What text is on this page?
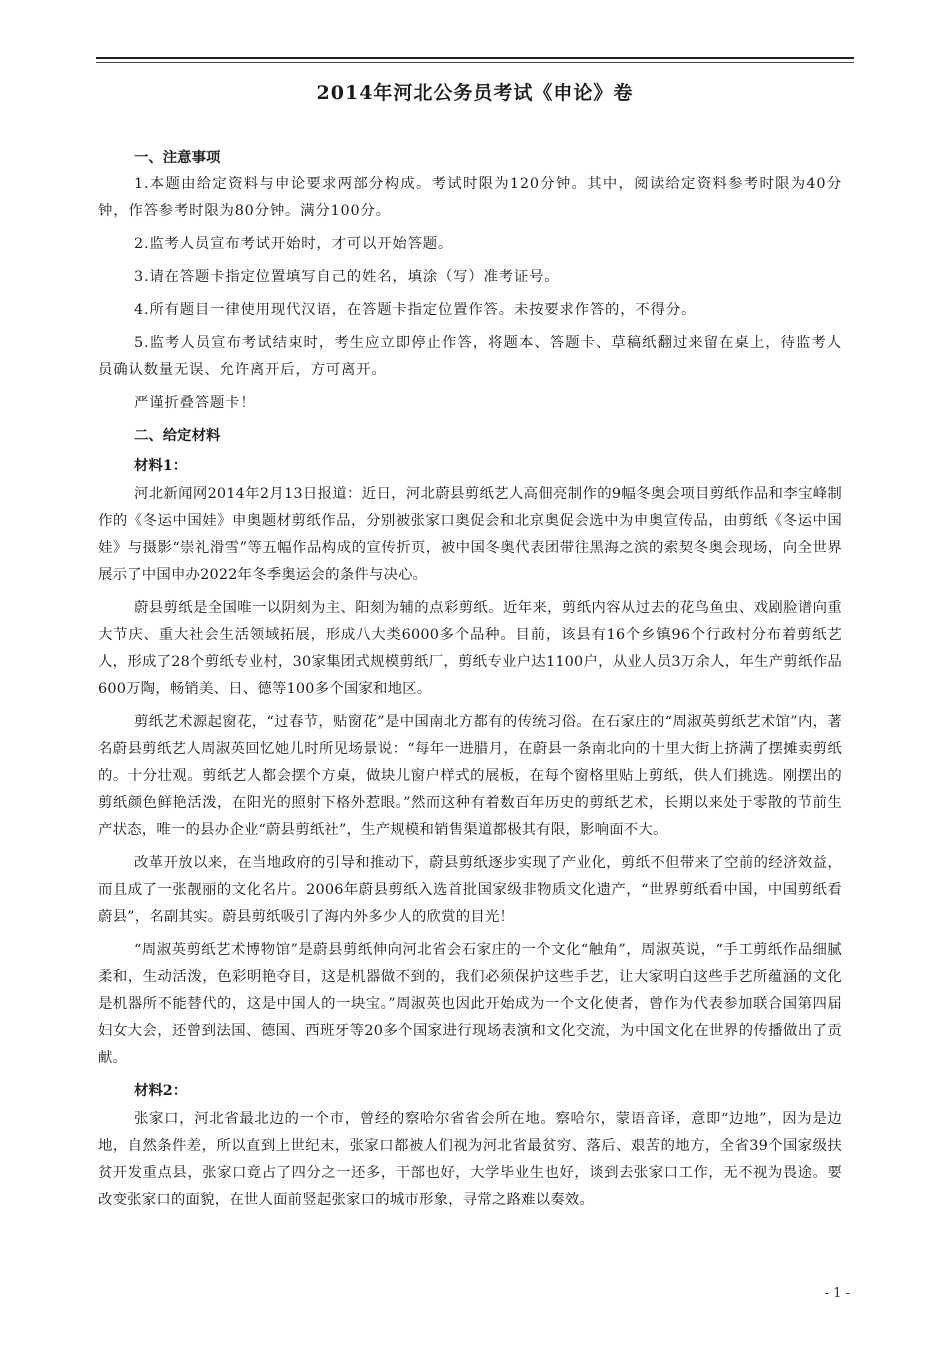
2014年河北公务员考试《申论》卷

一、注意事项

1.本题由给定资料与申论要求两部分构成。考试时限为120分钟。其中，阅读给定资料参考时限为40分钟，作答参考时限为80分钟。满分100分。

2.监考人员宣布考试开始时，才可以开始答题。

3.请在答题卡指定位置填写自己的姓名，填涂（写）准考证号。

4.所有题目一律使用现代汉语，在答题卡指定位置作答。未按要求作答的，不得分。

5.监考人员宣布考试结束时，考生应立即停止作答，将题本、答题卡、草稿纸翻过来留在桌上，待监考人员确认数量无误、允许离开后，方可离开。

严谨折叠答题卡！

二、给定材料

材料1：

河北新闻网2014年2月13日报道：近日，河北蔚县剪纸艺人高佃亮制作的9幅冬奥会项目剪纸作品和李宝峰制作的《冬运中国娃》申奥题材剪纸作品，分别被张家口奥促会和北京奥促会选中为申奥宣传品，由剪纸《冬运中国娃》与摄影“崇礼滑雪”等五幅作品构成的宣传折页，被中国冬奥代表团带往黑海之滨的索契冬奥会现场，向全世界展示了中国申办2022年冬季奥运会的条件与决心。

蔚县剪纸是全国唯一以阴刻为主、阳刻为辅的点彩剪纸。近年来，剪纸内容从过去的花鸟鱼虫、戏剧脸谱向重大节庆、重大社会生活领域拓展，形成八大类6000多个品种。目前，该县有16个乡镇96个行政村分布着剪纸艺人，形成了28个剪纸专业村，30家集团式规模剪纸厂，剪纸专业户达1100户，从业人员3万余人，年生产剪纸作品600万陶，畅销美、日、德等100多个国家和地区。

剪纸艺术源起窗花，“过春节，贴窗花”是中国南北方都有的传统习俗。在石家庄的“周淑英剪纸艺术馆”内，著名蔚县剪纸艺人周淑英回忆她儿时所见场景说：“每年一进腊月，在蔚县一条南北向的十里大街上挤满了摆摊卖剪纸的。十分壮观。剪纸艺人都会摆个方桌，做块儿窗户样式的展板，在每个窗格里贴上剪纸，供人们挑选。刚摆出的剪纸颜色鲜艳活泼，在阳光的照射下格外惹眼。”然而这种有着数百年历史的剪纸艺术，长期以来处于零散的节前生产状态，唯一的县办企业“蔚县剪纸社”，生产规模和销售渠道都极其有限，影响面不大。

改革开放以来，在当地政府的引导和推动下，蔚县剪纸逐步实现了产业化，剪纸不但带来了空前的经济效益，而且成了一张靓丽的文化名片。2006年蔚县剪纸入选首批国家级非物质文化遗产，“世界剪纸看中国，中国剪纸看蔚县”，名副其实。蔚县剪纸吸引了海内外多少人的欣赏的目光！

“周淑英剪纸艺术博物馆”是蔚县剪纸伸向河北省会石家庄的一个文化“触角”，周淑英说，“手工剪纸作品细腻柔和，生动活泼，色彩明艳夺目，这是机器做不到的，我们必须保护这些手艺，让大家明白这些手艺所蕴涵的文化是机器所不能替代的，这是中国人的一块宝。”周淑英也因此开始成为一个文化使者，曾作为代表参加联合国第四届妇女大会，还曾到法国、德国、西班牙等20多个国家进行现场表演和文化交流，为中国文化在世界的传播做出了贡献。

材料2：

张家口，河北省最北边的一个市，曾经的察哈尔省省会所在地。察哈尔，蒙语音译，意即“边地”，因为是边地，自然条件差，所以直到上世纪末，张家口都被人们视为河北省最贫穷、落后、艰苦的地方，全省39个国家级扶贫开发重点县，张家口竟占了四分之一还多，干部也好，大学毕业生也好，谈到去张家口工作，无不视为畏途。要改变张家口的面貌，在世人面前竖起张家口的城市形象，寻常之路难以奏效。

- 1 -
